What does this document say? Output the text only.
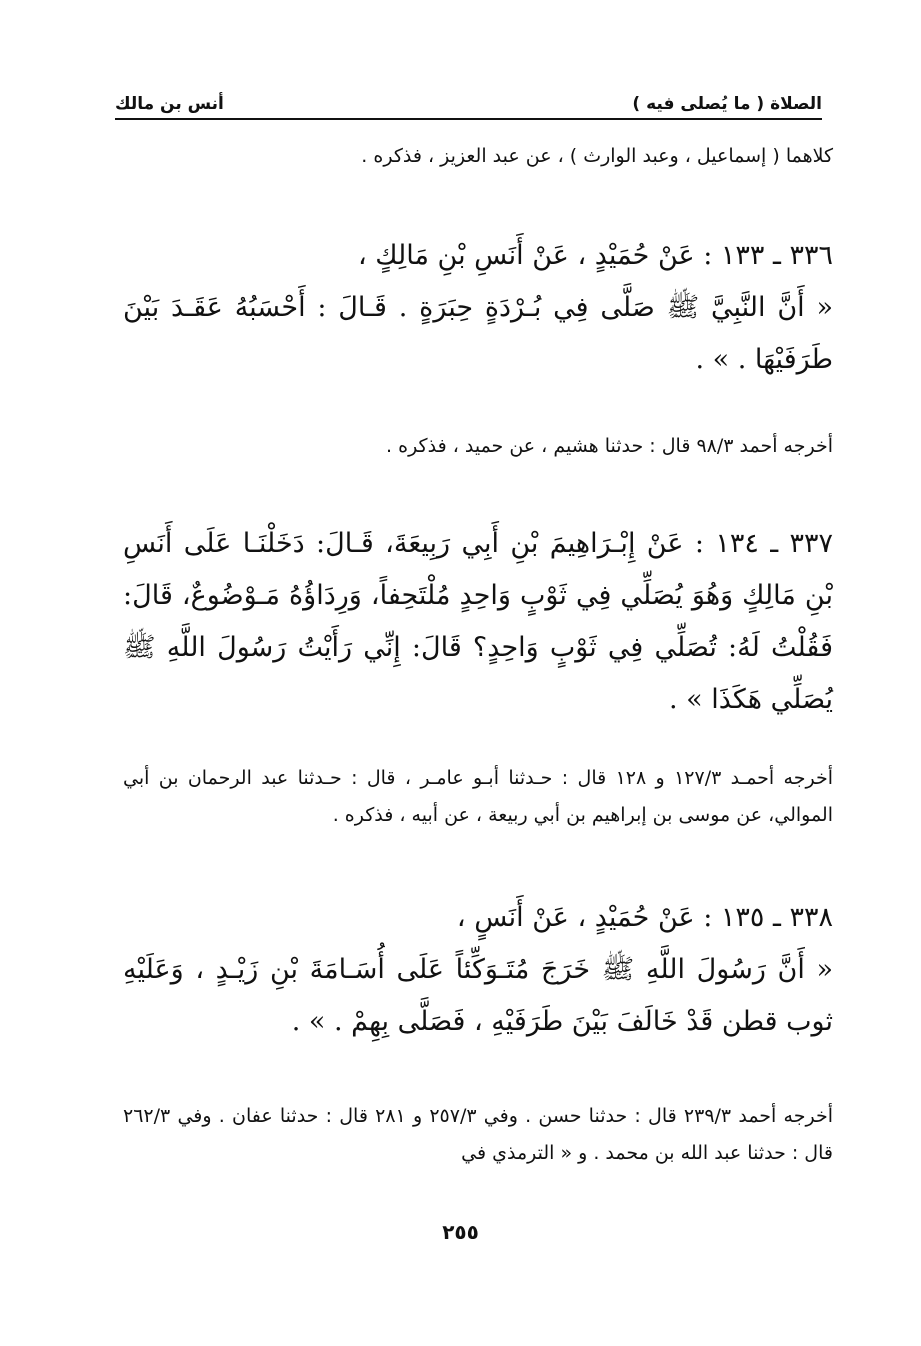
الصلاة ( ما يُصلى فيه )
أنس بن مالك

كلاهما ( إسماعيل ، وعبد الوارث ) ، عن عبد العزيز ، فذكره .

٣٣٦ ـ ١٣٣ : عَنْ حُمَيْدٍ ، عَنْ أَنَسِ بْنِ مَالِكٍ ،

« أَنَّ النَّبِيَّ ﷺ صَلَّى فِي بُـرْدَةٍ حِبَرَةٍ . قَـالَ : أَحْسَبُهُ عَقَـدَ بَيْنَ طَرَفَيْهَا . » .

أخرجه أحمد ٩٨/٣ قال : حدثنا هشيم ، عن حميد ، فذكره .

٣٣٧ ـ ١٣٤ : عَنْ إِبْـرَاهِيمَ بْنِ أَبِي رَبِيعَةَ، قَـالَ: دَخَلْنَـا عَلَى أَنَسِ بْنِ مَالِكٍ وَهُوَ يُصَلِّي فِي ثَوْبٍ وَاحِدٍ مُلْتَحِفاً، وَرِدَاؤُهُ مَـوْضُوعٌ، قَالَ: فَقُلْتُ لَهُ: تُصَلِّي فِي ثَوْبٍ وَاحِدٍ؟ قَالَ: إِنِّي رَأَيْتُ رَسُولَ اللَّهِ ﷺ يُصَلِّي هَكَذَا » .

أخرجه أحمـد ١٢٧/٣ و ١٢٨ قال : حـدثنا أبـو عامـر ، قال : حـدثنا عبد الرحمان بن أبي الموالي، عن موسى بن إبراهيم بن أبي ربيعة ، عن أبيه ، فذكره .

٣٣٨ ـ ١٣٥ : عَنْ حُمَيْدٍ ، عَنْ أَنَسٍ ،

« أَنَّ رَسُولَ اللَّهِ ﷺ خَرَجَ مُتَـوَكِّئاً عَلَى أُسَـامَةَ بْنِ زَيْـدٍ ، وَعَلَيْهِ ثوب قطن قَدْ خَالَفَ بَيْنَ طَرَفَيْهِ ، فَصَلَّى بِهِمْ . » .

أخرجه أحمد ٢٣٩/٣ قال : حدثنا حسن . وفي ٢٥٧/٣ و ٢٨١ قال : حدثنا عفان . وفي ٢٦٢/٣ قال : حدثنا عبد الله بن محمد . و « الترمذي في

٢٥٥
